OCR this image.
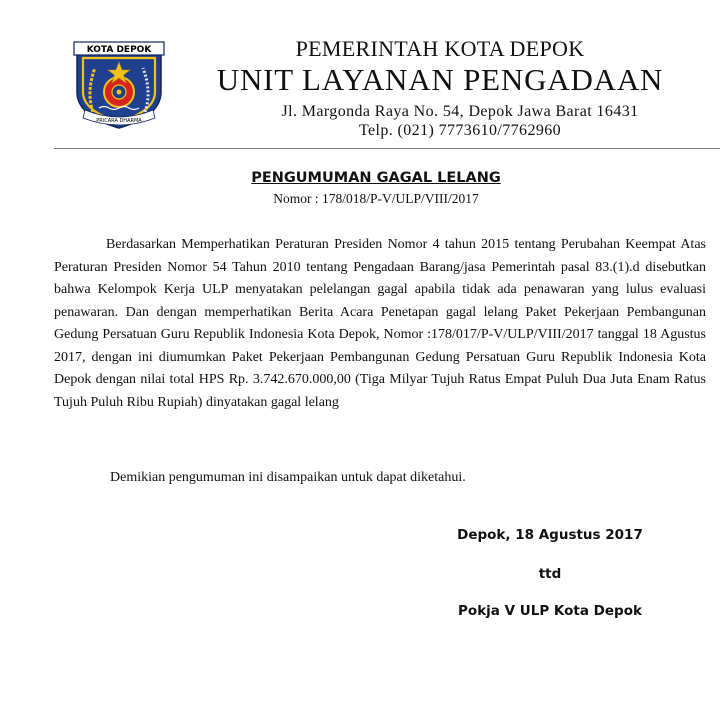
KOTA DEPOK
PRICARA DHARMA
PEMERINTAH KOTA DEPOK
UNIT LAYANAN PENGADAAN
Jl. Margonda Raya No. 54, Depok Jawa Barat 16431
Telp. (021) 7773610/7762960
PENGUMUMAN GAGAL LELANG
Nomor : 178/018/P-V/ULP/VIII/2017

Berdasarkan Memperhatikan Peraturan Presiden Nomor 4 tahun 2015 tentang Perubahan Keempat Atas Peraturan Presiden Nomor 54 Tahun 2010 tentang Pengadaan Barang/jasa Pemerintah pasal 83.(1).d disebutkan bahwa Kelompok Kerja ULP menyatakan pelelangan gagal apabila tidak ada penawaran yang lulus evaluasi penawaran. Dan dengan memperhatikan Berita Acara Penetapan gagal lelang Paket Pekerjaan Pembangunan Gedung Persatuan Guru Republik Indonesia Kota Depok, Nomor :178/017/P-V/ULP/VIII/2017 tanggal 18 Agustus 2017, dengan ini diumumkan Paket Pekerjaan Pembangunan Gedung Persatuan Guru Republik Indonesia Kota Depok dengan nilai total HPS Rp. 3.742.670.000,00 (Tiga Milyar Tujuh Ratus Empat Puluh Dua Juta Enam Ratus Tujuh Puluh Ribu Rupiah) dinyatakan gagal lelang

Demikian pengumuman ini disampaikan untuk dapat diketahui.
Depok, 18 Agustus 2017
ttd
Pokja V ULP Kota Depok
